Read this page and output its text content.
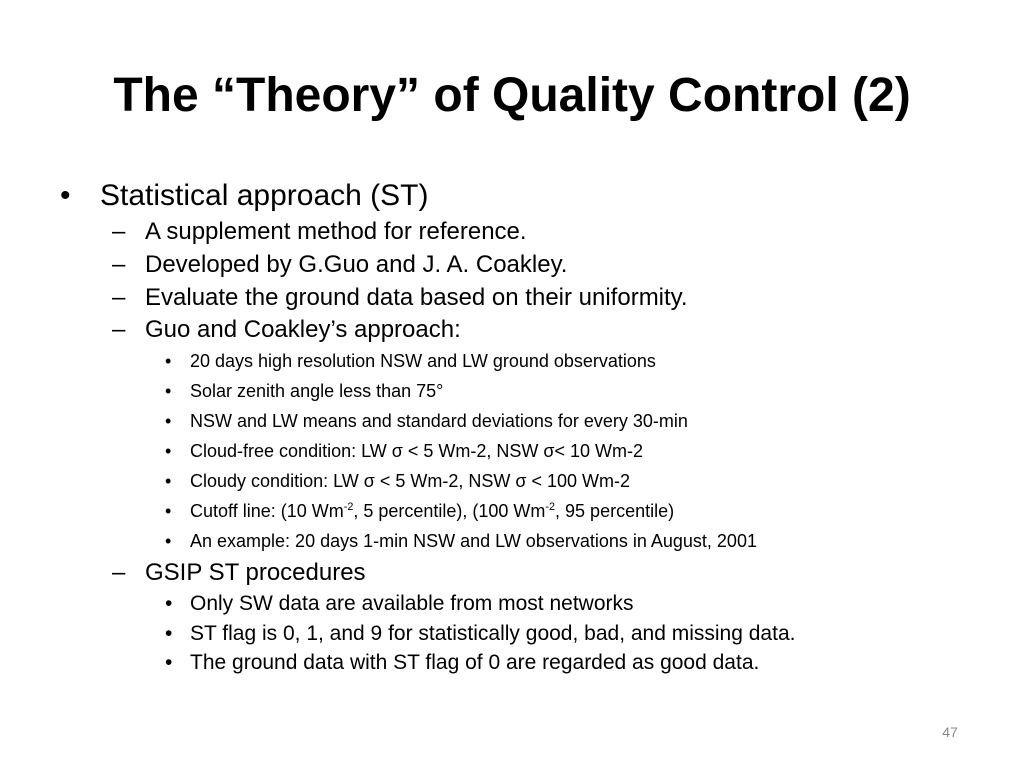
The “Theory” of Quality Control (2)
• Statistical approach (ST)
– A supplement method for reference.
– Developed by G.Guo and J. A. Coakley.
– Evaluate the ground data based on their uniformity.
– Guo and Coakley’s approach:
• 20 days high resolution NSW and LW ground observations
• Solar zenith angle less than 75°
• NSW and LW means and standard deviations for every 30-min
• Cloud-free condition: LW σ < 5 Wm-2, NSW σ< 10 Wm-2
• Cloudy condition: LW σ < 5 Wm-2, NSW σ < 100 Wm-2
• Cutoff line: (10 $Wm^{-2}$, 5 percentile), (100 $Wm^{-2}$, 95 percentile)
• An example: 20 days 1-min NSW and LW observations in August, 2001
– GSIP ST procedures
• Only SW data are available from most networks
• ST flag is 0, 1, and 9 for statistically good, bad, and missing data.
• The ground data with ST flag of 0 are regarded as good data.
47
